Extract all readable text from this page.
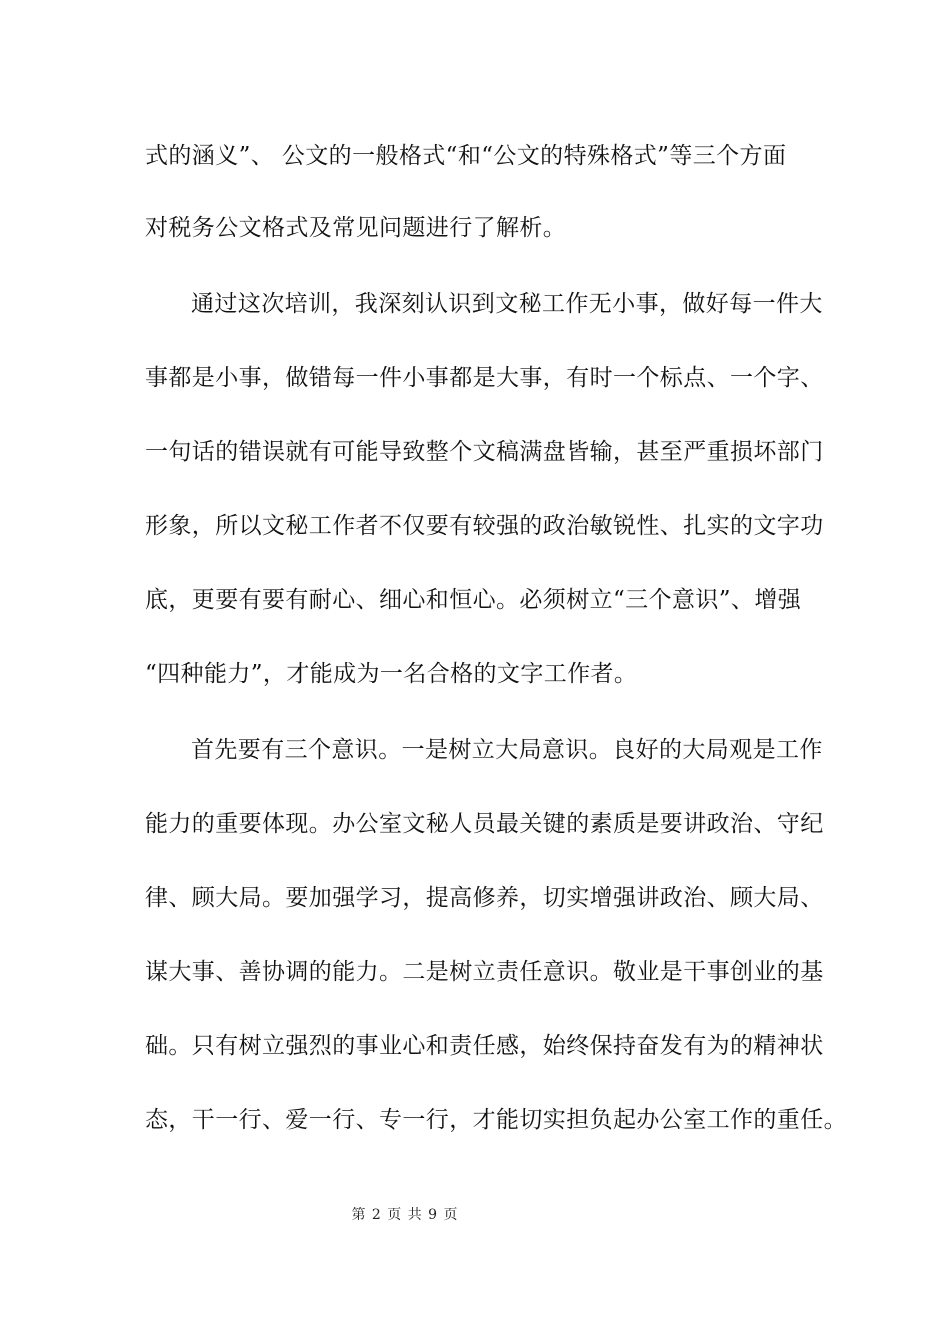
式的涵义”、 公文的一般格式“和“公文的特殊格式”等三个方面
对税务公文格式及常见问题进行了解析。
通过这次培训，我深刻认识到文秘工作无小事，做好每一件大
事都是小事，做错每一件小事都是大事，有时一个标点、一个字、
一句话的错误就有可能导致整个文稿满盘皆输，甚至严重损坏部门
形象，所以文秘工作者不仅要有较强的政治敏锐性、扎实的文字功
底，更要有要有耐心、细心和恒心。必须树立“三个意识”、增强
“四种能力”，才能成为一名合格的文字工作者。
首先要有三个意识。一是树立大局意识。良好的大局观是工作
能力的重要体现。办公室文秘人员最关键的素质是要讲政治、守纪
律、顾大局。要加强学习，提高修养，切实增强讲政治、顾大局、
谋大事、善协调的能力。二是树立责任意识。敬业是干事创业的基
础。只有树立强烈的事业心和责任感，始终保持奋发有为的精神状
态，干一行、爱一行、专一行，才能切实担负起办公室工作的重任。
第 2 页 共 9 页
